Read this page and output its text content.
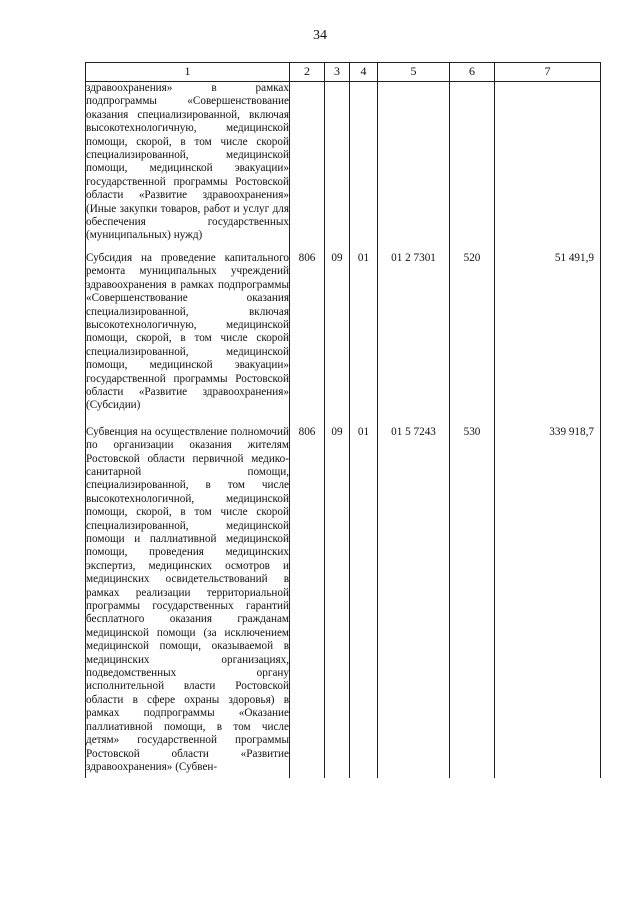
34
1	2	3	4	5	6	7
здравоохранения» в рамках подпрограммы «Совершенствование оказания специализированной, включая высокотехнологичную, медицинской помощи, скорой, в том числе скорой специализированной, медицинской помощи, медицинской эвакуации» государственной программы Ростовской области «Развитие здравоохранения» (Иные закупки товаров, работ и услуг для обеспечения государственных (муниципальных) нужд)						
Субсидия на проведение капитального ремонта муниципальных учреждений здравоохранения в рамках подпрограммы «Совершенствование оказания специализированной, включая высокотехнологичную, медицинской помощи, скорой, в том числе скорой специализированной, медицинской помощи, медицинской эвакуации» государственной программы Ростовской области «Развитие здравоохранения» (Субсидии)	806	09	01	01 2 7301	520	51 491,9
Субвенция на осуществление полномочий по организации оказания жителям Ростовской области первичной медико-санитарной помощи, специализированной, в том числе высокотехнологичной, медицинской помощи, скорой, в том числе скорой специализированной, медицинской помощи и паллиативной медицинской помощи, проведения медицинских экспертиз, медицинских осмотров и медицинских освидетельствований в рамках реализации территориальной программы государственных гарантий бесплатного оказания гражданам медицинской помощи (за исключением медицинской помощи, оказываемой в медицинских организациях, подведомственных органу исполнительной власти Ростовской области в сфере охраны здоровья) в рамках подпрограммы «Оказание паллиативной помощи, в том числе детям» государственной программы Ростовской области «Развитие здравоохранения» (Субвен-	806	09	01	01 5 7243	530	339 918,7
